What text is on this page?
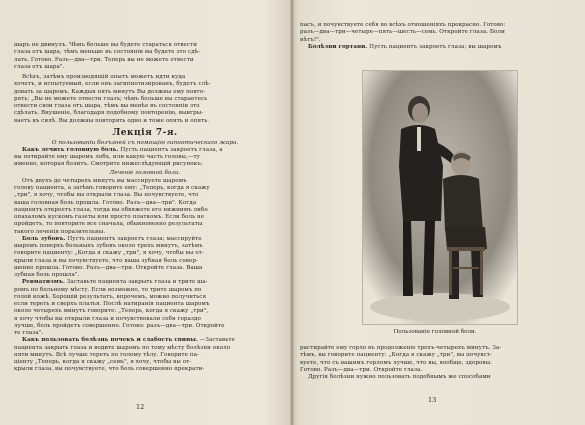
шаръ не двинулъ. Чѣмъ больше вы будете стараться отвести
глаза отъ шара, тѣмъ меньше въ состояніи вы будете это сдѣ-
лать. Готово. Разъ—два—три. Теперь вы не можете отвести
глаза отъ шара".
Всѣхъ, затѣмъ производящій опытъ можетъ идти куда
хочетъ, и испытуемый, если онъ загипнотизированъ, будетъ слѣ-
довать за шаромъ. Каждыя пять минутъ Вы должны ему повто-
рять: „Вы не можете отвести глазъ; чѣмъ больше вы стараетесь
отвести свои глаза отъ шара, тѣмъ вы менѣе въ состояніи это
сдѣлать. Внушеніе, благодаря подобному повторенію, выигры-
ваетъ въ силѣ. Вы должны повторять одно и тоже опять и опять.
Лекція 7-я.
О пользованіи болъзней съ помощію гипнотическаго жара.
Какъ лечить головную боль. Пусть пациентъ закроетъ глаза, а
вы потирайте ему шаромъ лобъ, или какую часть головы,—ту
именно, которая болитъ. Смотрите нижеслѣдующій рисунокъ:
Леченіе головной боли.
Отъ двухъ до четырехъ минутъ вы массируете шаромъ
голову пациента, а затѣмъ говорите ему: „Теперь, когда я скажу
„три", я хочу, чтобы вы открыли глаза. Вы почувствуете, что
ваша головная боль прошла. Готово. Разъ—два—три". Когда
пациентъ откроетъ глаза, тогда вы обвяжете его нижнимъ либо
опахаломъ кускомъ газеты или просто платкомъ. Если боль не
пройдетъ, то повторите все сначала, обыкновенно результаты
такого леченія поразительны.
Боль зубовъ. Пусть пациентъ закроетъ глаза; массируйте
шаромъ поверхъ больныхъ зубовъ около трехъ минутъ, затѣмъ
говорите пациенту: „Когда я скажу „три", я хочу, чтобы вы от-
крыли глаза и вы почувствуете, что ваша зубная боль совер-
шенно прошла. Готово. Разъ—два—три. Откройте глаза. Ваша
зубная боль прошла".
Ревматизмъ. Заставьте пациента закрыть глаза и трите ша-
ромъ по больному мѣсту. Если возможно, то трите шаромъ по
голой кожѣ. Хорошій результатъ, впрочемъ, можно получиться
если тереть и сверхъ платья. Послѣ натиранія пациента шаромъ
около четырехъ минутъ говорите: „Теперь, когда я скажу „три",
я хочу чтобы вы открыли глаза и почувствовали себя гораздо
лучше, боль пройдетъ совершенно. Готово: разъ—два—три. Откройте
те глаза".
Какъ пользовать болѣзнь почекъ и слабость спины. —Заставьте
пациента закрыть глаза и водите шаромъ по тому мѣсту болѣзни около
пяти минутъ. Всѣ лучше тереть по голому тѣлу. Говорите па-
ціенту „Теперь, когда я скажу „семь", я хочу, чтобы вы от-
крыли глаза, вы почувствуете, что боль совершенно прекрати-
12
пасъ, и почувствуете себя во всѣхъ отношеніяхъ прекрасно. Готово:
разъ—два—три—четыре—пять—шесть—семь. Откройте глаза. Боли
нѣтъ!".
Болѣзни гортани. Пусть пациентъ закроетъ глаза; вы шаромъ
Пользованіе головной боли.
растирайте ему горло въ продолженіе трехъ-четырехъ минутъ. За-
тѣмъ, вы говорите пациенту: „Когда я скажу „три", вы почувст-
вуете, что съ вашимъ горломъ лучше, что вы, вообще, здоровы.
Готово. Разъ—два—три. Откройте глаза.
Другія болѣзни нужно пользовать подобнымъ же способами
13
